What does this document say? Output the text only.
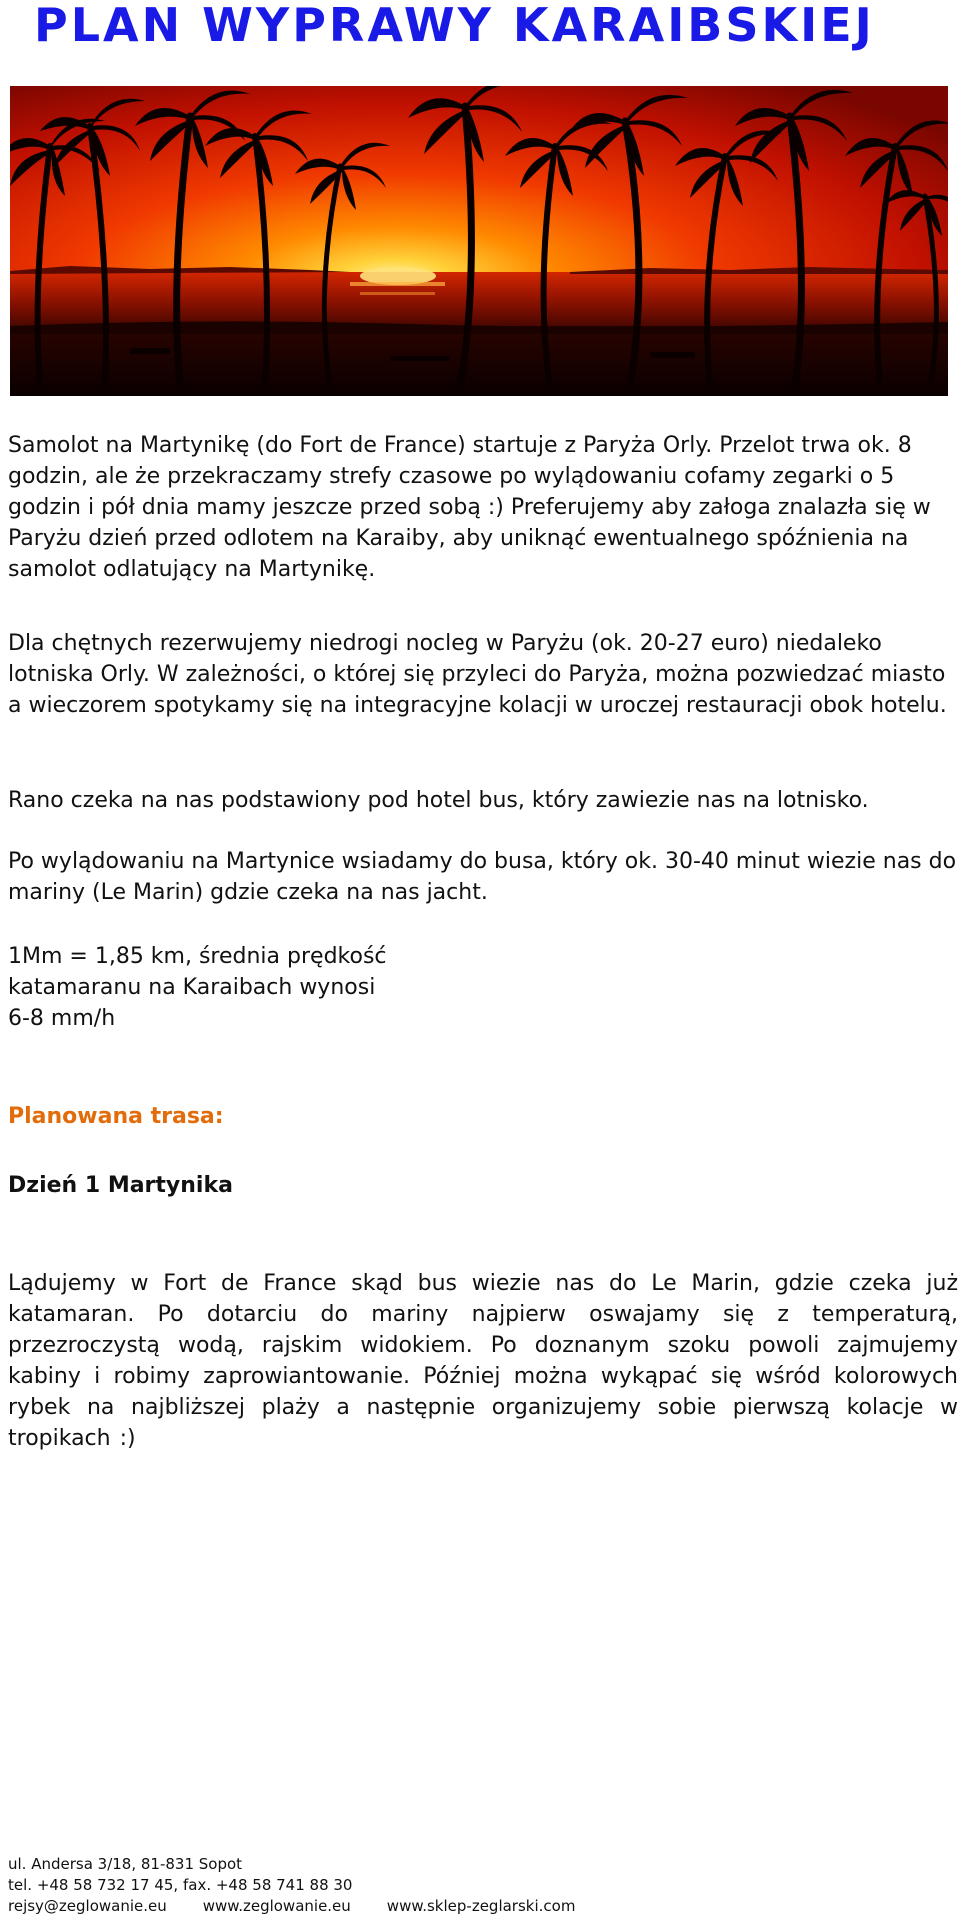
PLAN WYPRAWY KARAIBSKIEJ
Samolot na Martynikę (do Fort de France) startuje z Paryża Orly. Przelot trwa ok. 8 godzin, ale że przekraczamy strefy czasowe po wylądowaniu cofamy zegarki o 5 godzin i pół dnia mamy jeszcze przed sobą :) Preferujemy aby załoga znalazła się w Paryżu dzień przed odlotem na Karaiby, aby uniknąć ewentualnego spóźnienia na samolot odlatujący na Martynikę.
Rano czeka na nas podstawiony pod hotel bus, który zawiezie nas na lotnisko.
Po wylądowaniu na Martynice wsiadamy do busa, który ok. 30-40 minut wiezie nas do mariny (Le Marin) gdzie czeka na nas jacht.
Dla chętnych rezerwujemy niedrogi nocleg w Paryżu (ok. 20-27 euro) niedaleko lotniska Orly. W zależności, o której się przyleci do Paryża, można pozwiedzać miasto a wieczorem spotykamy się na integracyjne kolacji w uroczej restauracji obok hotelu.
1Mm = 1,85 km, średnia prędkość
katamaranu na Karaibach wynosi
6-8 mm/h
Planowana trasa:
Dzień 1 Martynika
Lądujemy w Fort de France skąd bus wiezie nas do Le Marin, gdzie czeka już katamaran. Po dotarciu do mariny najpierw oswajamy się z temperaturą, przezroczystą wodą, rajskim widokiem. Po doznanym szoku powoli zajmujemy kabiny i robimy zaprowiantowanie. Później można wykąpać się wśród kolorowych rybek na najbliższej plaży a następnie organizujemy sobie pierwszą kolacje w tropikach :)
ul. Andersa 3/18, 81-831 Sopot
tel. +48 58 732 17 45, fax. +48 58 741 88 30
rejsy@zeglowanie.eu www.zeglowanie.eu www.sklep-zeglarski.com
